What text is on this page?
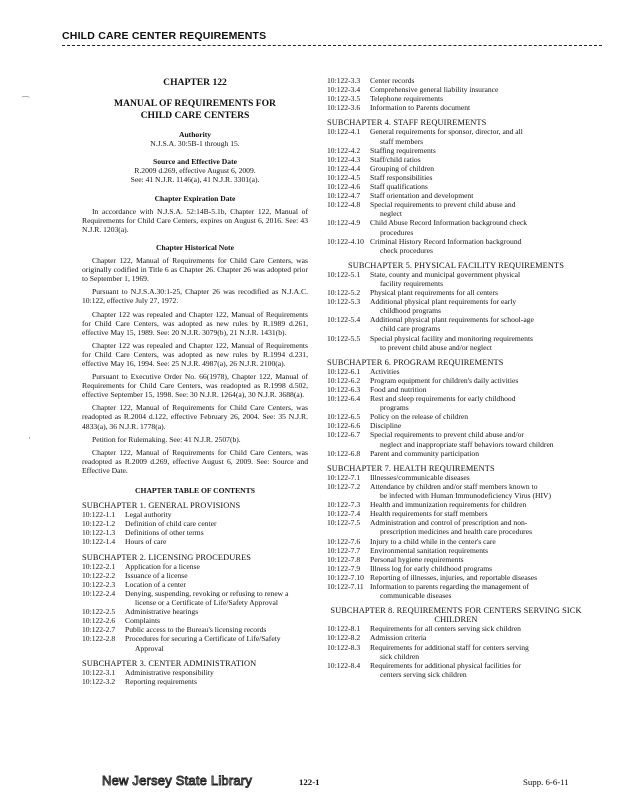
CHILD CARE CENTER REQUIREMENTS
CHAPTER 122
MANUAL OF REQUIREMENTS FOR
CHILD CARE CENTERS
Authority
N.J.S.A. 30:5B-1 through 15.
Source and Effective Date
R.2009 d.269, effective August 6, 2009.
See: 41 N.J.R. 1146(a), 41 N.J.R. 3301(a).
Chapter Expiration Date

In accordance with N.J.S.A. 52:14B-5.1b, Chapter 122, Manual of Requirements for Child Care Centers, expires on August 6, 2016. See: 43 N.J.R. 1203(a).

Chapter Historical Note

Chapter 122, Manual of Requirements for Child Care Centers, was originally codified in Title 6 as Chapter 26. Chapter 26 was adopted prior to September 1, 1969.

Pursuant to N.J.S.A.30:1-25, Chapter 26 was recodified as N.J.A.C. 10:122, effective July 27, 1972.

Chapter 122 was repealed and Chapter 122, Manual of Requirements for Child Care Centers, was adopted as new rules by R.1989 d.261, effective May 15, 1989. See: 20 N.J.R. 3079(b), 21 N.J.R. 1431(b).

Chapter 122 was repealed and Chapter 122, Manual of Requirements for Child Care Centers, was adopted as new rules by R.1994 d.231, effective May 16, 1994. See: 25 N.J.R. 4987(a), 26 N.J.R. 2100(a).

Pursuant to Executive Order No. 66(1978), Chapter 122, Manual of Requirements for Child Care Centers, was readopted as R.1998 d.502, effective September 15, 1998. See: 30 N.J.R. 1264(a), 30 N.J.R. 3688(a).

Chapter 122, Manual of Requirements for Child Care Centers, was readopted as R.2004 d.122, effective February 26, 2004. See: 35 N.J.R. 4833(a), 36 N.J.R. 1778(a).

Petition for Rulemaking. See: 41 N.J.R. 2507(b).

Chapter 122, Manual of Requirements for Child Care Centers, was readopted as R.2009 d.269, effective August 6, 2009. See: Source and Effective Date.

CHAPTER TABLE OF CONTENTS
SUBCHAPTER 1. GENERAL PROVISIONS
10:122-1.1	Legal authority
10:122-1.2	Definition of child care center
10:122-1.3	Definitions of other terms
10:122-1.4	Hours of care
SUBCHAPTER 2. LICENSING PROCEDURES
10:122-2.1	Application for a license
10:122-2.2	Issuance of a license
10:122-2.3	Location of a center
10:122-2.4	Denying, suspending, revoking or refusing to renew a
license or a Certificate of Life/Safety Approval
10:122-2.5	Administrative hearings
10:122-2.6	Complaints
10:122-2.7	Public access to the Bureau's licensing records
10:122-2.8	Procedures for securing a Certificate of Life/Safety
Approval
SUBCHAPTER 3. CENTER ADMINISTRATION
10:122-3.1	Administrative responsibility
10:122-3.2	Reporting requirements
10:122-3.3	Center records
10:122-3.4	Comprehensive general liability insurance
10:122-3.5	Telephone requirements
10:122-3.6	Information to Parents document
SUBCHAPTER 4. STAFF REQUIREMENTS
10:122-4.1	General requirements for sponsor, director, and all
staff members
10:122-4.2	Staffing requirements
10:122-4.3	Staff/child ratios
10:122-4.4	Grouping of children
10:122-4.5	Staff responsibilities
10:122-4.6	Staff qualifications
10:122-4.7	Staff orientation and development
10:122-4.8	Special requirements to prevent child abuse and
neglect
10:122-4.9	Child Abuse Record Information background check
procedures
10:122-4.10 Criminal History Record Information background
check procedures
SUBCHAPTER 5. PHYSICAL FACILITY REQUIREMENTS
10:122-5.1	State, county and municipal government physical
facility requirements
10:122-5.2	Physical plant requirements for all centers
10:122-5.3	Additional physical plant requirements for early
childhood programs
10:122-5.4	Additional physical plant requirements for school-age
child care programs
10:122-5.5	Special physical facility and monitoring requirements
to prevent child abuse and/or neglect
SUBCHAPTER 6. PROGRAM REQUIREMENTS
10:122-6.1	Activities
10:122-6.2	Program equipment for children's daily activities
10:122-6.3	Food and nutrition
10:122-6.4	Rest and sleep requirements for early childhood
programs
10:122-6.5	Policy on the release of children
10:122-6.6	Discipline
10:122-6.7	Special requirements to prevent child abuse and/or
neglect and inappropriate staff behaviors toward children
10:122-6.8	Parent and community participation
SUBCHAPTER 7. HEALTH REQUIREMENTS
10:122-7.1	Illnesses/communicable diseases
10:122-7.2	Attendance by children and/or staff members known to
be infected with Human Immunodeficiency Virus (HIV)
10:122-7.3	Health and immunization requirements for children
10:122-7.4	Health requirements for staff members
10:122-7.5	Administration and control of prescription and non-
prescription medicines and health care procedures
10:122-7.6	Injury to a child while in the center's care
10:122-7.7	Environmental sanitation requirements
10:122-7.8	Personal hygiene requirements
10:122-7.9	Illness log for early childhood programs
10:122-7.10 Reporting of illnesses, injuries, and reportable diseases
10:122-7.11 Information to parents regarding the management of
communicable diseases
SUBCHAPTER 8. REQUIREMENTS FOR CENTERS SERVING SICK CHILDREN
10:122-8.1	Requirements for all centers serving sick children
10:122-8.2	Admission criteria
10:122-8.3	Requirements for additional staff for centers serving
sick children
10:122-8.4	Requirements for additional physical facilities for
centers serving sick children
⁀
·
New Jersey State Library	122-1	Supp. 6-6-11
